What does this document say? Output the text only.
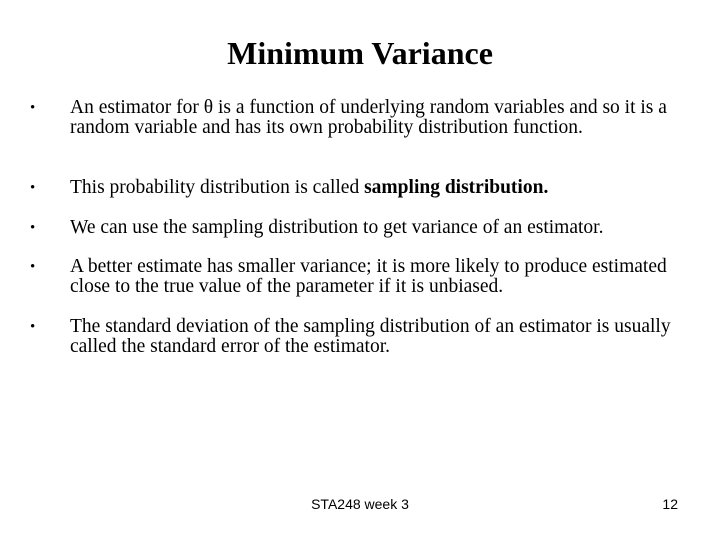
Minimum Variance
• An estimator for θ is a function of underlying random variables and so it is a random variable and has its own probability distribution function.
• This probability distribution is called sampling distribution.
• We can use the sampling distribution to get variance of an estimator.
• A better estimate has smaller variance; it is more likely to produce estimated close to the true value of the parameter if it is unbiased.
• The standard deviation of the sampling distribution of an estimator is usually called the standard error of the estimator.
STA248 week 3	12
